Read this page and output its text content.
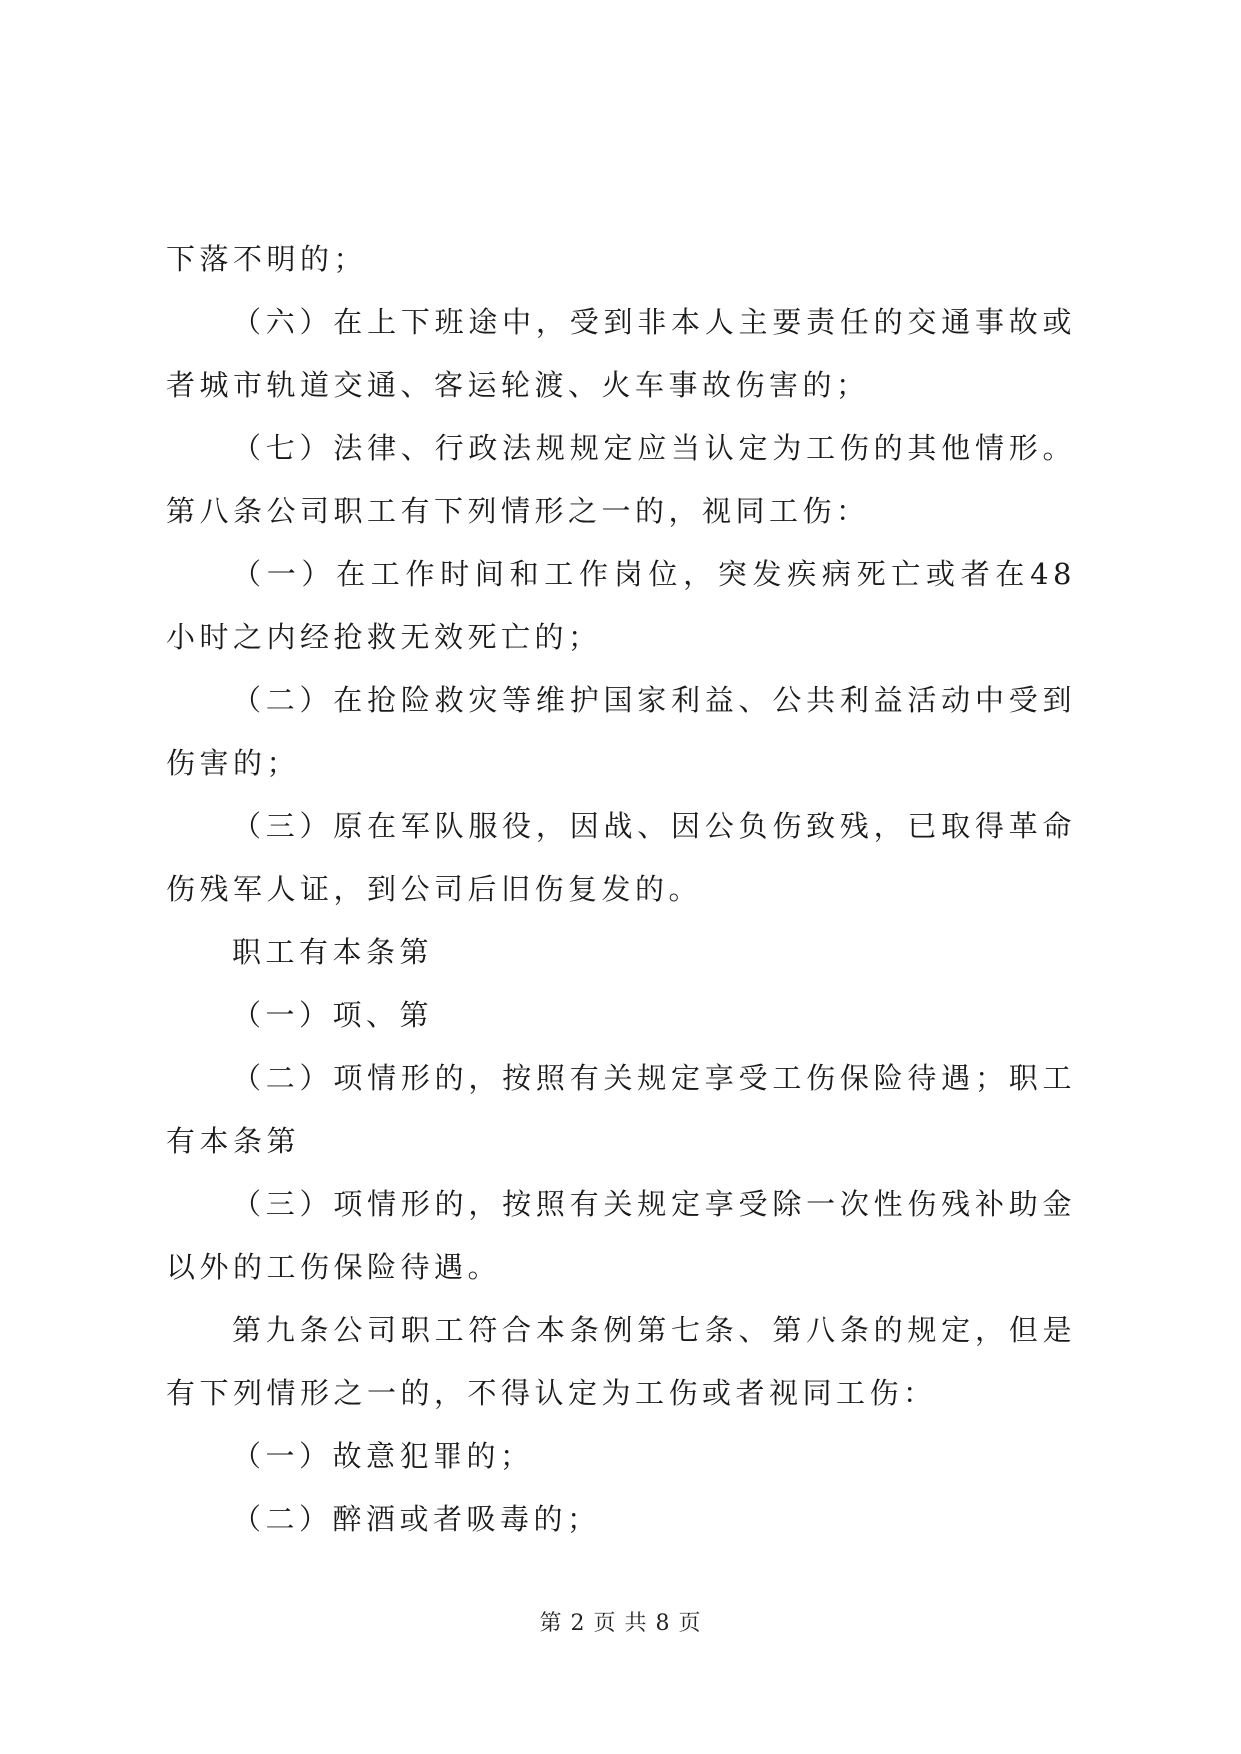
下落不明的；

（六）在上下班途中，受到非本人主要责任的交通事故或者城市轨道交通、客运轮渡、火车事故伤害的；

（七）法律、行政法规规定应当认定为工伤的其他情形。第八条公司职工有下列情形之一的，视同工伤：

（一）在工作时间和工作岗位，突发疾病死亡或者在48小时之内经抢救无效死亡的；

（二）在抢险救灾等维护国家利益、公共利益活动中受到伤害的；

（三）原在军队服役，因战、因公负伤致残，已取得革命伤残军人证，到公司后旧伤复发的。

职工有本条第

（一）项、第

（二）项情形的，按照有关规定享受工伤保险待遇；职工有本条第

（三）项情形的，按照有关规定享受除一次性伤残补助金以外的工伤保险待遇。

第九条公司职工符合本条例第七条、第八条的规定，但是有下列情形之一的，不得认定为工伤或者视同工伤：

（一）故意犯罪的；

（二）醉酒或者吸毒的；

第 2 页 共 8 页
